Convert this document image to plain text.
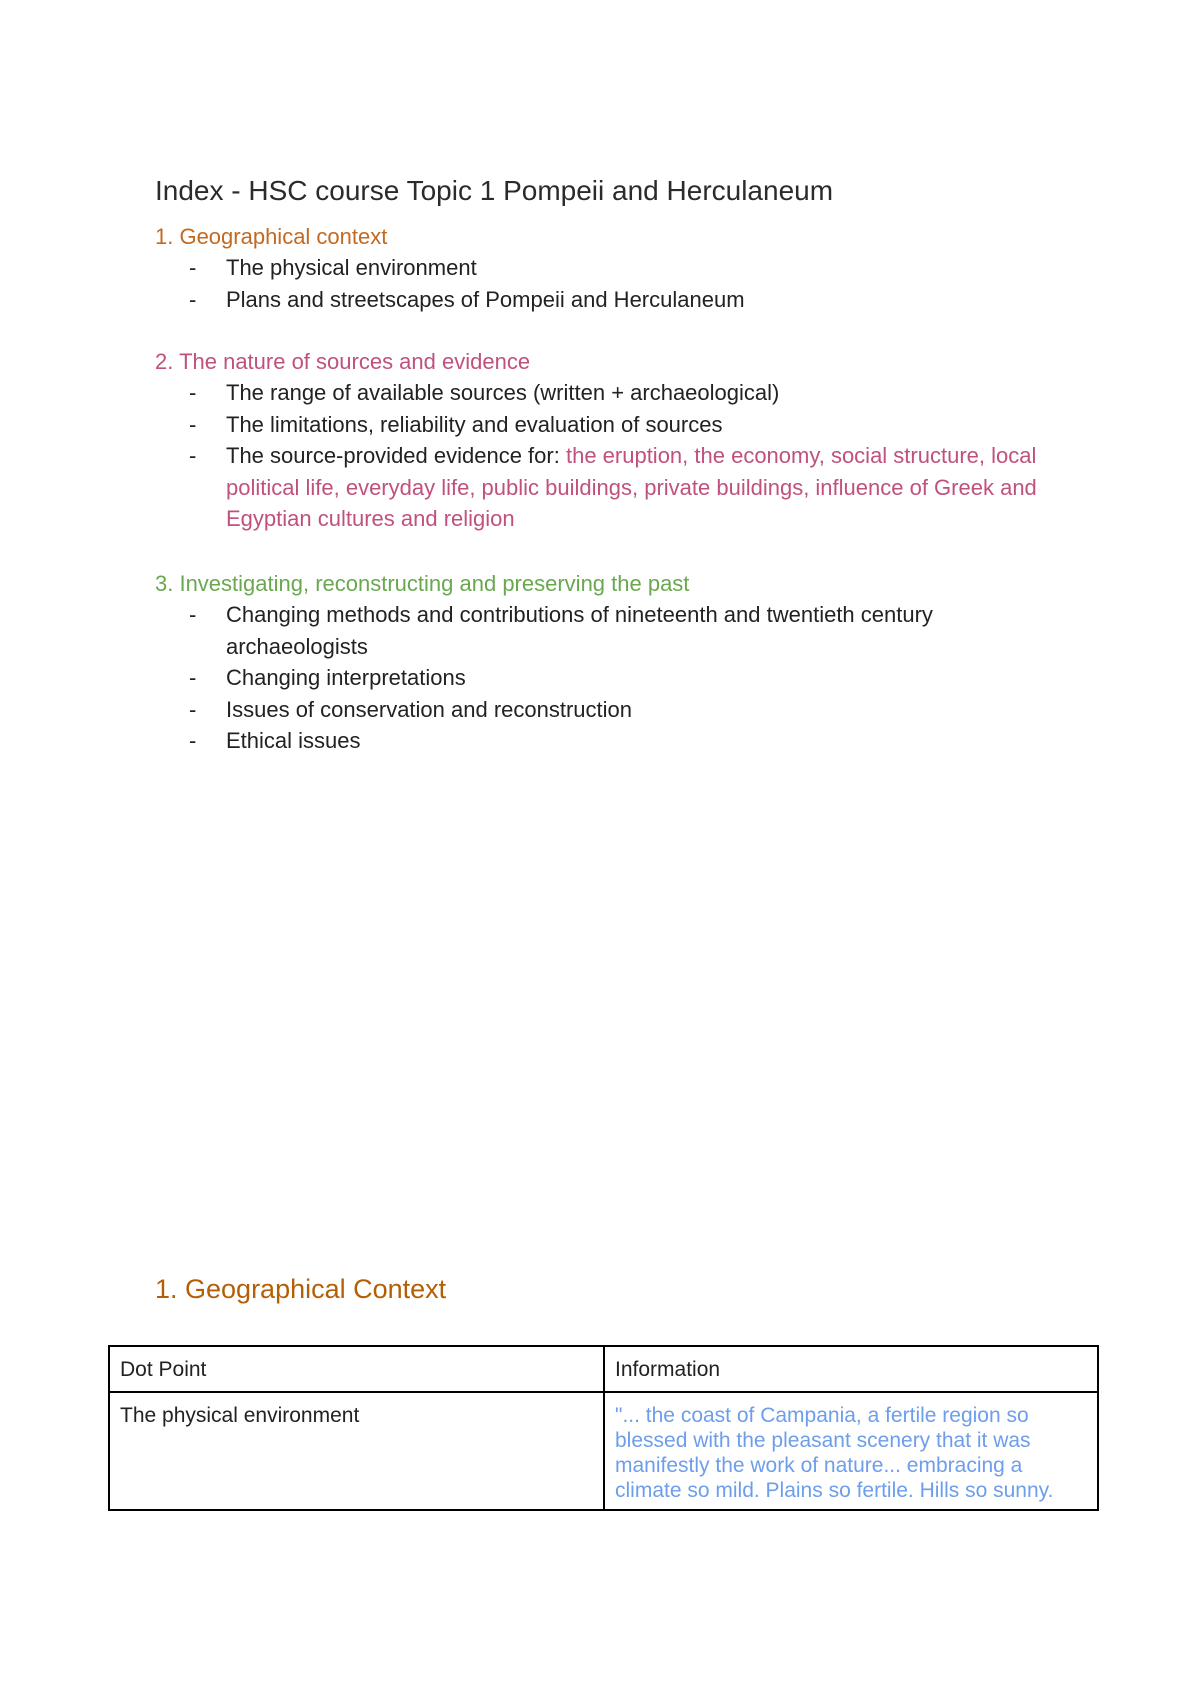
Index - HSC course Topic 1 Pompeii and Herculaneum

1. Geographical context

- The physical environment
- Plans and streetscapes of Pompeii and Herculaneum

2. The nature of sources and evidence

- The range of available sources (written + archaeological)
- The limitations, reliability and evaluation of sources
- The source-provided evidence for: the eruption, the economy, social structure, local political life, everyday life, public buildings, private buildings, influence of Greek and Egyptian cultures and religion

3. Investigating, reconstructing and preserving the past

- Changing methods and contributions of nineteenth and twentieth century archaeologists
- Changing interpretations
- Issues of conservation and reconstruction
- Ethical issues
1. Geographical Context
Dot Point	Information
The physical environment	"... the coast of Campania, a fertile region so blessed with the pleasant scenery that it was manifestly the work of nature... embracing a climate so mild. Plains so fertile. Hills so sunny.
